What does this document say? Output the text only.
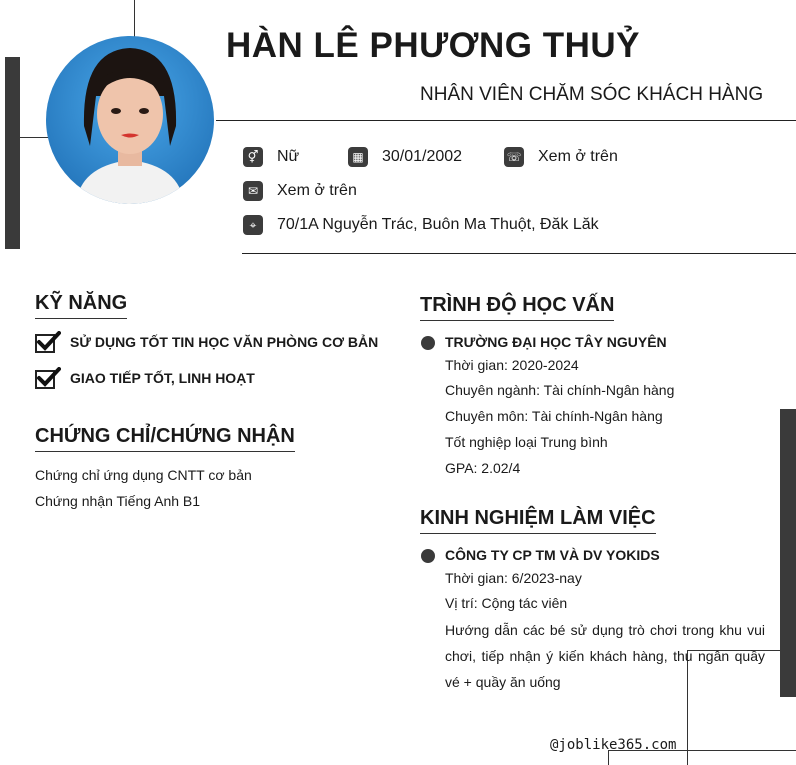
HÀN LÊ PHƯƠNG THUỶ
NHÂN VIÊN CHĂM SÓC KHÁCH HÀNG
⚥ Nữ	▦ 30/01/2002	☏ Xem ở trên
✉	Xem ở trên
⌖	70/1A Nguyễn Trác, Buôn Ma Thuột, Đăk Lăk
KỸ NĂNG
SỬ DỤNG TỐT TIN HỌC VĂN PHÒNG CƠ BẢN
GIAO TIẾP TỐT, LINH HOẠT
CHỨNG CHỈ/CHỨNG NHẬN
Chứng chỉ ứng dụng CNTT cơ bản
Chứng nhận Tiếng Anh B1
TRÌNH ĐỘ HỌC VẤN
TRƯỜNG ĐẠI HỌC TÂY NGUYÊN
Thời gian: 2020-2024
Chuyên ngành: Tài chính-Ngân hàng
Chuyên môn: Tài chính-Ngân hàng
Tốt nghiệp loại Trung bình
GPA: 2.02/4
KINH NGHIỆM LÀM VIỆC
CÔNG TY CP TM VÀ DV YOKIDS
Thời gian: 6/2023-nay
Vị trí: Cộng tác viên
Hướng dẫn các bé sử dụng trò chơi trong khu vui chơi, tiếp nhận ý kiến khách hàng, thu ngân quầy vé + quầy ăn uống
@joblike365.com
